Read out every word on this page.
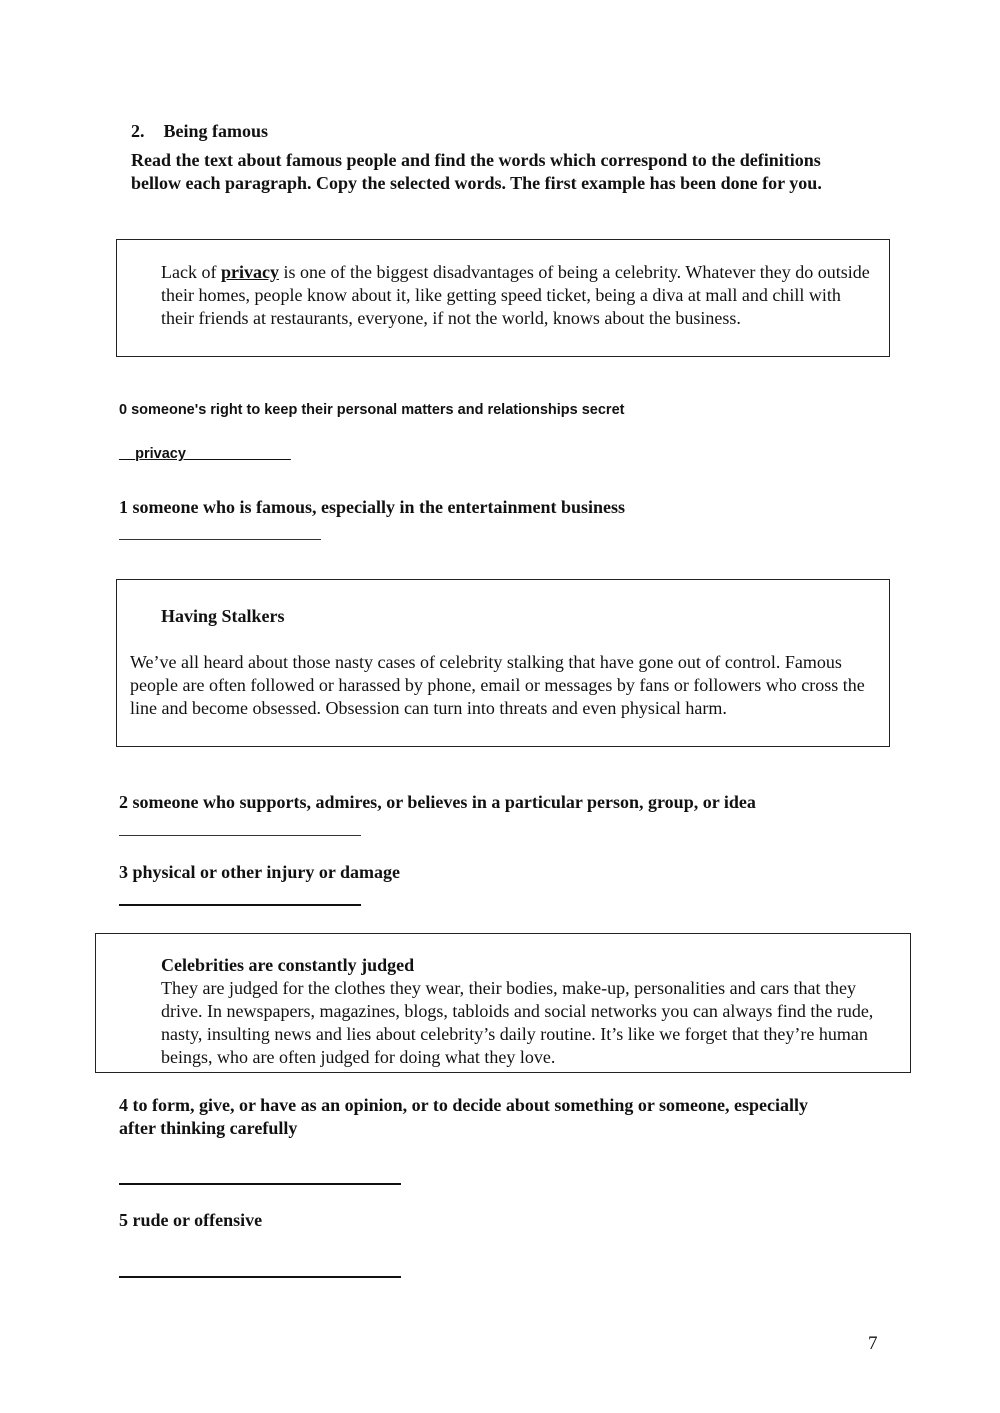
2. Being famous
Read the text about famous people and find the words which correspond to the definitions bellow each paragraph. Copy the selected words. The first example has been done for you.
Lack of privacy is one of the biggest disadvantages of being a celebrity. Whatever they do outside their homes, people know about it, like getting speed ticket, being a diva at mall and chill with their friends at restaurants, everyone, if not the world, knows about the business.
0 someone's right to keep their personal matters and relationships secret
__privacy_____________
1 someone who is famous, especially in the entertainment business
Having Stalkers
We’ve all heard about those nasty cases of celebrity stalking that have gone out of control. Famous people are often followed or harassed by phone, email or messages by fans or followers who cross the line and become obsessed. Obsession can turn into threats and even physical harm.
2 someone who supports, admires, or believes in a particular person, group, or idea
3 physical or other injury or damage
Celebrities are constantly judged
They are judged for the clothes they wear, their bodies, make-up, personalities and cars that they drive. In newspapers, magazines, blogs, tabloids and social networks you can always find the rude, nasty, insulting news and lies about celebrity’s daily routine. It’s like we forget that they’re human beings, who are often judged for doing what they love.
4 to form, give, or have as an opinion, or to decide about something or someone, especially after thinking carefully
5 rude or offensive
7
